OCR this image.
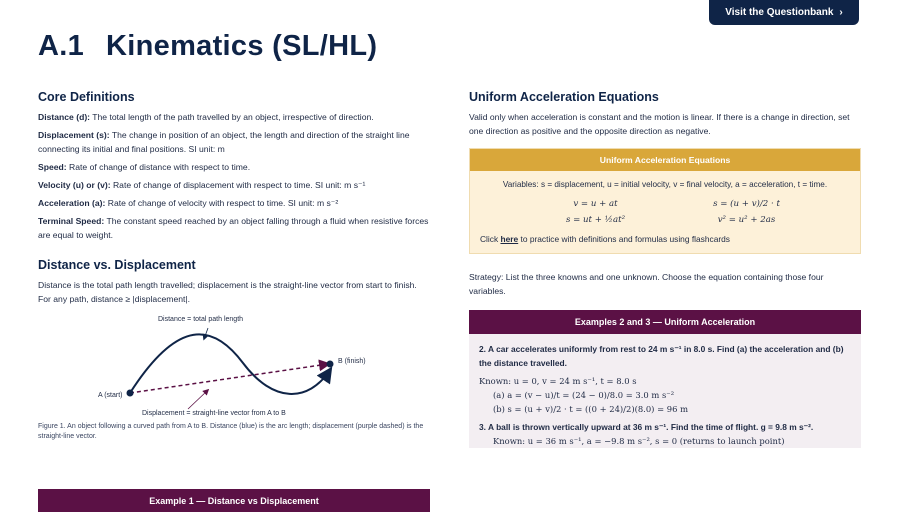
Visit the Questionbank ›
A.1 Kinematics (SL/HL)
Core Definitions
Distance (d): The total length of the path travelled by an object, irrespective of direction.
Displacement (s): The change in position of an object, the length and direction of the straight line connecting its initial and final positions. SI unit: m
Speed: Rate of change of distance with respect to time.
Velocity (u) or (v): Rate of change of displacement with respect to time. SI unit: m s⁻¹
Acceleration (a): Rate of change of velocity with respect to time. SI unit: m s⁻²
Terminal Speed: The constant speed reached by an object falling through a fluid when resistive forces are equal to weight.
Distance vs. Displacement

Distance is the total path length travelled; displacement is the straight-line vector from start to finish. For any path, distance ≥ |displacement|.

Distance = total path length
A (start)
B (finish)
Displacement = straight-line vector from A to B
Figure 1. An object following a curved path from A to B. Distance (blue) is the arc length; displacement (purple dashed) is the straight-line vector.
Example 1 — Distance vs Displacement
Uniform Acceleration Equations

Valid only when acceleration is constant and the motion is linear. If there is a change in direction, set one direction as positive and the opposite direction as negative.

Uniform Acceleration Equations
Variables: s = displacement, u = initial velocity, v = final velocity, a = acceleration, t = time.
v = u + at	s = (u + v)/2 · t
s = ut + ½at²	v² = u² + 2as
Click here to practice with definitions and formulas using flashcards
Strategy: List the three knowns and one unknown. Choose the equation containing those four variables.
Examples 2 and 3 — Uniform Acceleration
2. A car accelerates uniformly from rest to 24 m s⁻¹ in 8.0 s. Find (a) the acceleration and (b) the distance travelled.
Known: u = 0, v = 24 m s⁻¹, t = 8.0 s
(a) a = (v − u)/t = (24 − 0)/8.0 = 3.0 m s⁻²
(b) s = (u + v)/2 · t = ((0 + 24)/2)(8.0) = 96 m
3. A ball is thrown vertically upward at 36 m s⁻¹. Find the time of flight. g = 9.8 m s⁻².
Known: u = 36 m s⁻¹, a = −9.8 m s⁻², s = 0 (returns to launch point)
